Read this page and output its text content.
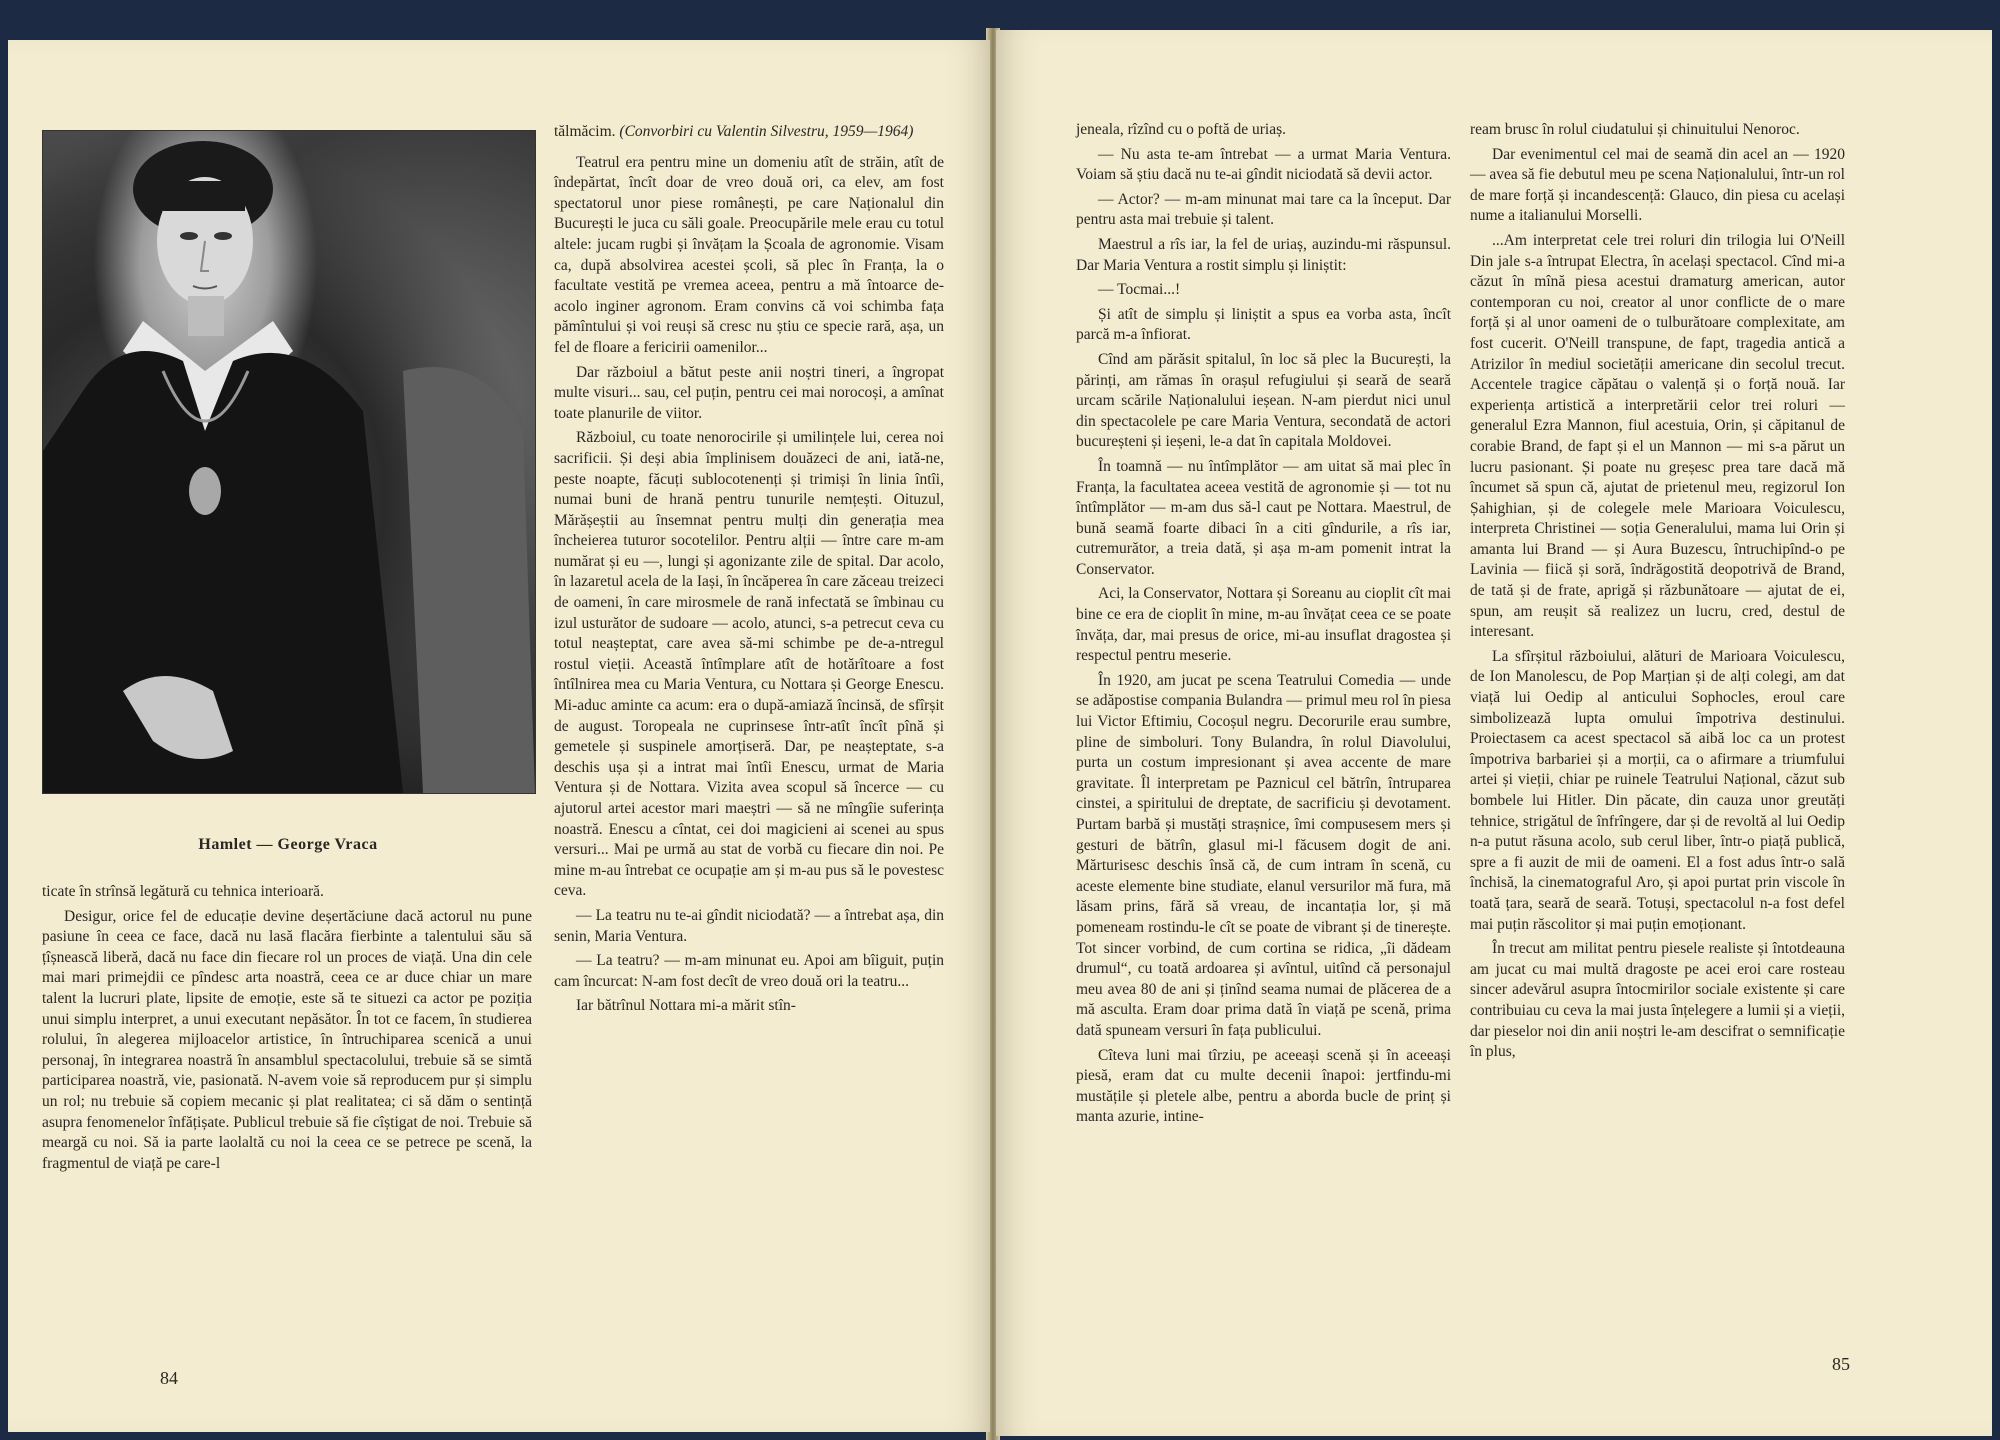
Hamlet — George Vraca

ticate în strînsă legătură cu tehnica interioară.

Desigur, orice fel de educație devine deșertăciune dacă actorul nu pune pasiune în ceea ce face, dacă nu lasă flacăra fierbinte a talentului său să țîșnească liberă, dacă nu face din fiecare rol un proces de viață. Una din cele mai mari primejdii ce pîndesc arta noastră, ceea ce ar duce chiar un mare talent la lucruri plate, lipsite de emoție, este să te situezi ca actor pe poziția unui simplu interpret, a unui executant nepăsător. În tot ce facem, în studierea rolului, în alegerea mijloacelor artistice, în întruchiparea scenică a unui personaj, în integrarea noastră în ansamblul spectacolului, trebuie să se simtă participarea noastră, vie, pasionată. N-avem voie să reproducem pur și simplu un rol; nu trebuie să copiem mecanic și plat realitatea; ci să dăm o sentință asupra fenomenelor înfățișate. Publicul trebuie să fie cîștigat de noi. Trebuie să meargă cu noi. Să ia parte laolaltă cu noi la ceea ce se petrece pe scenă, la fragmentul de viață pe care-l

tălmăcim. (Convorbiri cu Valentin Silvestru, 1959—1964)

Teatrul era pentru mine un domeniu atît de străin, atît de îndepărtat, încît doar de vreo două ori, ca elev, am fost spectatorul unor piese românești, pe care Naționalul din București le juca cu săli goale. Preocupările mele erau cu totul altele: jucam rugbi și învățam la Școala de agronomie. Visam ca, după absolvirea acestei școli, să plec în Franța, la o facultate vestită pe vremea aceea, pentru a mă întoarce de-acolo inginer agronom. Eram convins că voi schimba fața pămîntului și voi reuși să cresc nu știu ce specie rară, așa, un fel de floare a fericirii oamenilor...

Dar războiul a bătut peste anii noștri tineri, a îngropat multe visuri... sau, cel puțin, pentru cei mai norocoși, a amînat toate planurile de viitor.

Războiul, cu toate nenorocirile și umilințele lui, cerea noi sacrificii. Și deși abia împlinisem douăzeci de ani, iată-ne, peste noapte, făcuți sublocotenenți și trimiși în linia întîi, numai buni de hrană pentru tunurile nemțești. Oituzul, Mărășeștii au însemnat pentru mulți din generația mea încheierea tuturor socotelilor. Pentru alții — între care m-am numărat și eu —, lungi și agonizante zile de spital. Dar acolo, în lazaretul acela de la Iași, în încăperea în care zăceau treizeci de oameni, în care mirosmele de rană infectată se îmbinau cu izul usturător de sudoare — acolo, atunci, s-a petrecut ceva cu totul neașteptat, care avea să-mi schimbe pe de-a-ntregul rostul vieții. Această întîmplare atît de hotărîtoare a fost întîlnirea mea cu Maria Ventura, cu Nottara și George Enescu. Mi-aduc aminte ca acum: era o după-amiază încinsă, de sfîrșit de august. Toropeala ne cuprinsese într-atît încît pînă și gemetele și suspinele amorțiseră. Dar, pe neașteptate, s-a deschis ușa și a intrat mai întîi Enescu, urmat de Maria Ventura și de Nottara. Vizita avea scopul să încerce — cu ajutorul artei acestor mari maeștri — să ne mîngîie suferința noastră. Enescu a cîntat, cei doi magicieni ai scenei au spus versuri... Mai pe urmă au stat de vorbă cu fiecare din noi. Pe mine m-au întrebat ce ocupație am și m-au pus să le povestesc ceva.

— La teatru nu te-ai gîndit niciodată? — a întrebat așa, din senin, Maria Ventura.

— La teatru? — m-am minunat eu. Apoi am bîiguit, puțin cam încurcat: N-am fost decît de vreo două ori la teatru...

Iar bătrînul Nottara mi-a mărit stîn-

84

jeneala, rîzînd cu o poftă de uriaș.

— Nu asta te-am întrebat — a urmat Maria Ventura. Voiam să știu dacă nu te-ai gîndit niciodată să devii actor.

— Actor? — m-am minunat mai tare ca la început. Dar pentru asta mai trebuie și talent.

Maestrul a rîs iar, la fel de uriaș, auzindu-mi răspunsul. Dar Maria Ventura a rostit simplu și liniștit:

— Tocmai...!

Și atît de simplu și liniștit a spus ea vorba asta, încît parcă m-a înfiorat.

Cînd am părăsit spitalul, în loc să plec la București, la părinți, am rămas în orașul refugiului și seară de seară urcam scările Naționalului ieșean. N-am pierdut nici unul din spectacolele pe care Maria Ventura, secondată de actori bucureșteni și ieșeni, le-a dat în capitala Moldovei.

În toamnă — nu întîmplător — am uitat să mai plec în Franța, la facultatea aceea vestită de agronomie și — tot nu întîmplător — m-am dus să-l caut pe Nottara. Maestrul, de bună seamă foarte dibaci în a citi gîndurile, a rîs iar, cutremurător, a treia dată, și așa m-am pomenit intrat la Conservator.

Aci, la Conservator, Nottara și Soreanu au cioplit cît mai bine ce era de cioplit în mine, m-au învățat ceea ce se poate învăța, dar, mai presus de orice, mi-au insuflat dragostea și respectul pentru meserie.

În 1920, am jucat pe scena Teatrului Comedia — unde se adăpostise compania Bulandra — primul meu rol în piesa lui Victor Eftimiu, Cocoșul negru. Decorurile erau sumbre, pline de simboluri. Tony Bulandra, în rolul Diavolului, purta un costum impresionant și avea accente de mare gravitate. Îl interpretam pe Paznicul cel bătrîn, întruparea cinstei, a spiritului de dreptate, de sacrificiu și devotament. Purtam barbă și mustăți strașnice, îmi compusesem mers și gesturi de bătrîn, glasul mi-l făcusem dogit de ani. Mărturisesc deschis însă că, de cum intram în scenă, cu aceste elemente bine studiate, elanul versurilor mă fura, mă lăsam prins, fără să vreau, de incantația lor, și mă pomeneam rostindu-le cît se poate de vibrant și de tinerește. Tot sincer vorbind, de cum cortina se ridica, „îi dădeam drumul“, cu toată ardoarea și avîntul, uitînd că personajul meu avea 80 de ani și ținînd seama numai de plăcerea de a mă asculta. Eram doar prima dată în viață pe scenă, prima dată spuneam versuri în fața publicului.

Cîteva luni mai tîrziu, pe aceeași scenă și în aceeași piesă, eram dat cu multe decenii înapoi: jertfindu-mi mustățile și pletele albe, pentru a aborda bucle de prinț și manta azurie, intine-

ream brusc în rolul ciudatului și chinuitului Nenoroc.

Dar evenimentul cel mai de seamă din acel an — 1920 — avea să fie debutul meu pe scena Naționalului, într-un rol de mare forță și incandescență: Glauco, din piesa cu același nume a italianului Morselli.

...Am interpretat cele trei roluri din trilogia lui O'Neill Din jale s-a întrupat Electra, în același spectacol. Cînd mi-a căzut în mînă piesa acestui dramaturg american, autor contemporan cu noi, creator al unor conflicte de o mare forță și al unor oameni de o tulburătoare complexitate, am fost cucerit. O'Neill transpune, de fapt, tragedia antică a Atrizilor în mediul societății americane din secolul trecut. Accentele tragice căpătau o valență și o forță nouă. Iar experiența artistică a interpretării celor trei roluri — generalul Ezra Mannon, fiul acestuia, Orin, și căpitanul de corabie Brand, de fapt și el un Mannon — mi s-a părut un lucru pasionant. Și poate nu greșesc prea tare dacă mă încumet să spun că, ajutat de prietenul meu, regizorul Ion Șahighian, și de colegele mele Marioara Voiculescu, interpreta Christinei — soția Generalului, mama lui Orin și amanta lui Brand — și Aura Buzescu, întruchipînd-o pe Lavinia — fiică și soră, îndrăgostită deopotrivă de Brand, de tată și de frate, aprigă și răzbunătoare — ajutat de ei, spun, am reușit să realizez un lucru, cred, destul de interesant.

La sfîrșitul războiului, alături de Marioara Voiculescu, de Ion Manolescu, de Pop Marțian și de alți colegi, am dat viață lui Oedip al anticului Sophocles, eroul care simbolizează lupta omului împotriva destinului. Proiectasem ca acest spectacol să aibă loc ca un protest împotriva barbariei și a morții, ca o afirmare a triumfului artei și vieții, chiar pe ruinele Teatrului Național, căzut sub bombele lui Hitler. Din păcate, din cauza unor greutăți tehnice, strigătul de înfrîngere, dar și de revoltă al lui Oedip n-a putut răsuna acolo, sub cerul liber, într-o piață publică, spre a fi auzit de mii de oameni. El a fost adus într-o sală închisă, la cinematograful Aro, și apoi purtat prin viscole în toată țara, seară de seară. Totuși, spectacolul n-a fost defel mai puțin răscolitor și mai puțin emoționant.

În trecut am militat pentru piesele realiste și întotdeauna am jucat cu mai multă dragoste pe acei eroi care rosteau sincer adevărul asupra întocmirilor sociale existente și care contribuiau cu ceva la mai justa înțelegere a lumii și a vieții, dar pieselor noi din anii noștri le-am descifrat o semnificație în plus,

85
